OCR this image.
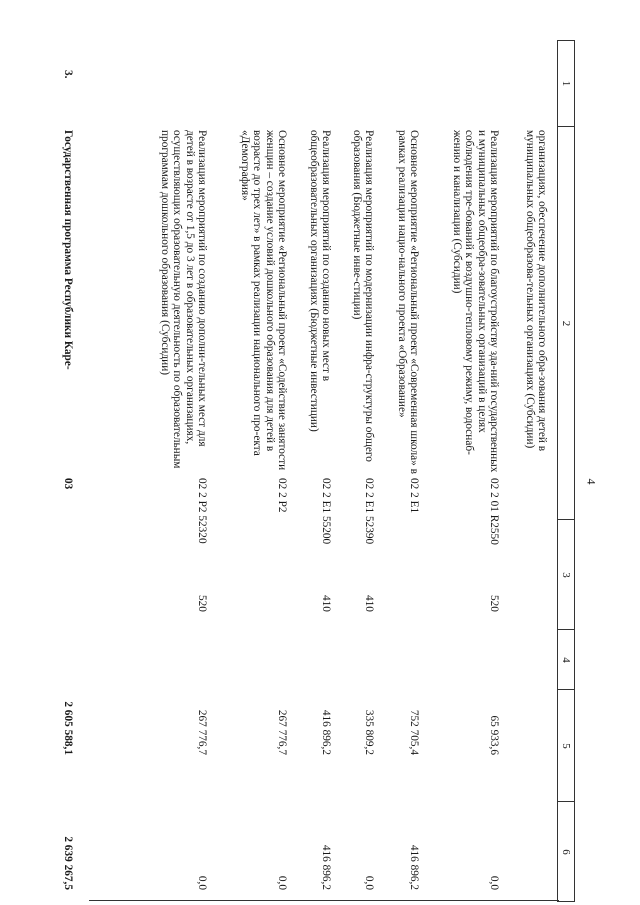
4
1
2
3
4
5
6
организациях, обеспечение дополнительного обра-зования детей в муниципальных общеобразова-тельных организациях (Субсидии)
Реализация мероприятий по благоустройству зда-ний государственных и муниципальных общеобра-зовательных организаций в целях соблюдения тре-бований к воздушно-тепловому режиму, водоснаб-жению и канализации (Субсидии)
02 2 01 R2550
520
65 933,6
0,0
Основное мероприятие «Региональный проект «Современная школа» в рамках реализации нацио-нального проекта «Образование»
02 2 E1
752 705,4
416 896,2
Реализация мероприятий по модернизации инфра-структуры общего образования (Бюджетные инве-стиции)
02 2 E1 52390
410
335 809,2
0,0
Реализация мероприятий по созданию новых мест в общеобразовательных организациях (Бюджетные инвестиции)
02 2 E1 55200
410
416 896,2
416 896,2
Основное мероприятие «Региональный проект «Содействие занятости женщин – создание условий дошкольного образования для детей в возрасте до трех лет» в рамках реализации национального про-екта «Демография»
02 2 P2
267 776,7
0,0
Реализация мероприятий по созданию дополни-тельных мест для детей в возрасте от 1,5 до 3 лет в образовательных организациях, осуществляющих образовательную деятельность по образовательным программам дошкольного образования (Субсидии)
02 2 P2 52320
520
267 776,7
0,0
3.
Государственная программа Республики Каре-
03
2 605 588,1
2 639 267,5
